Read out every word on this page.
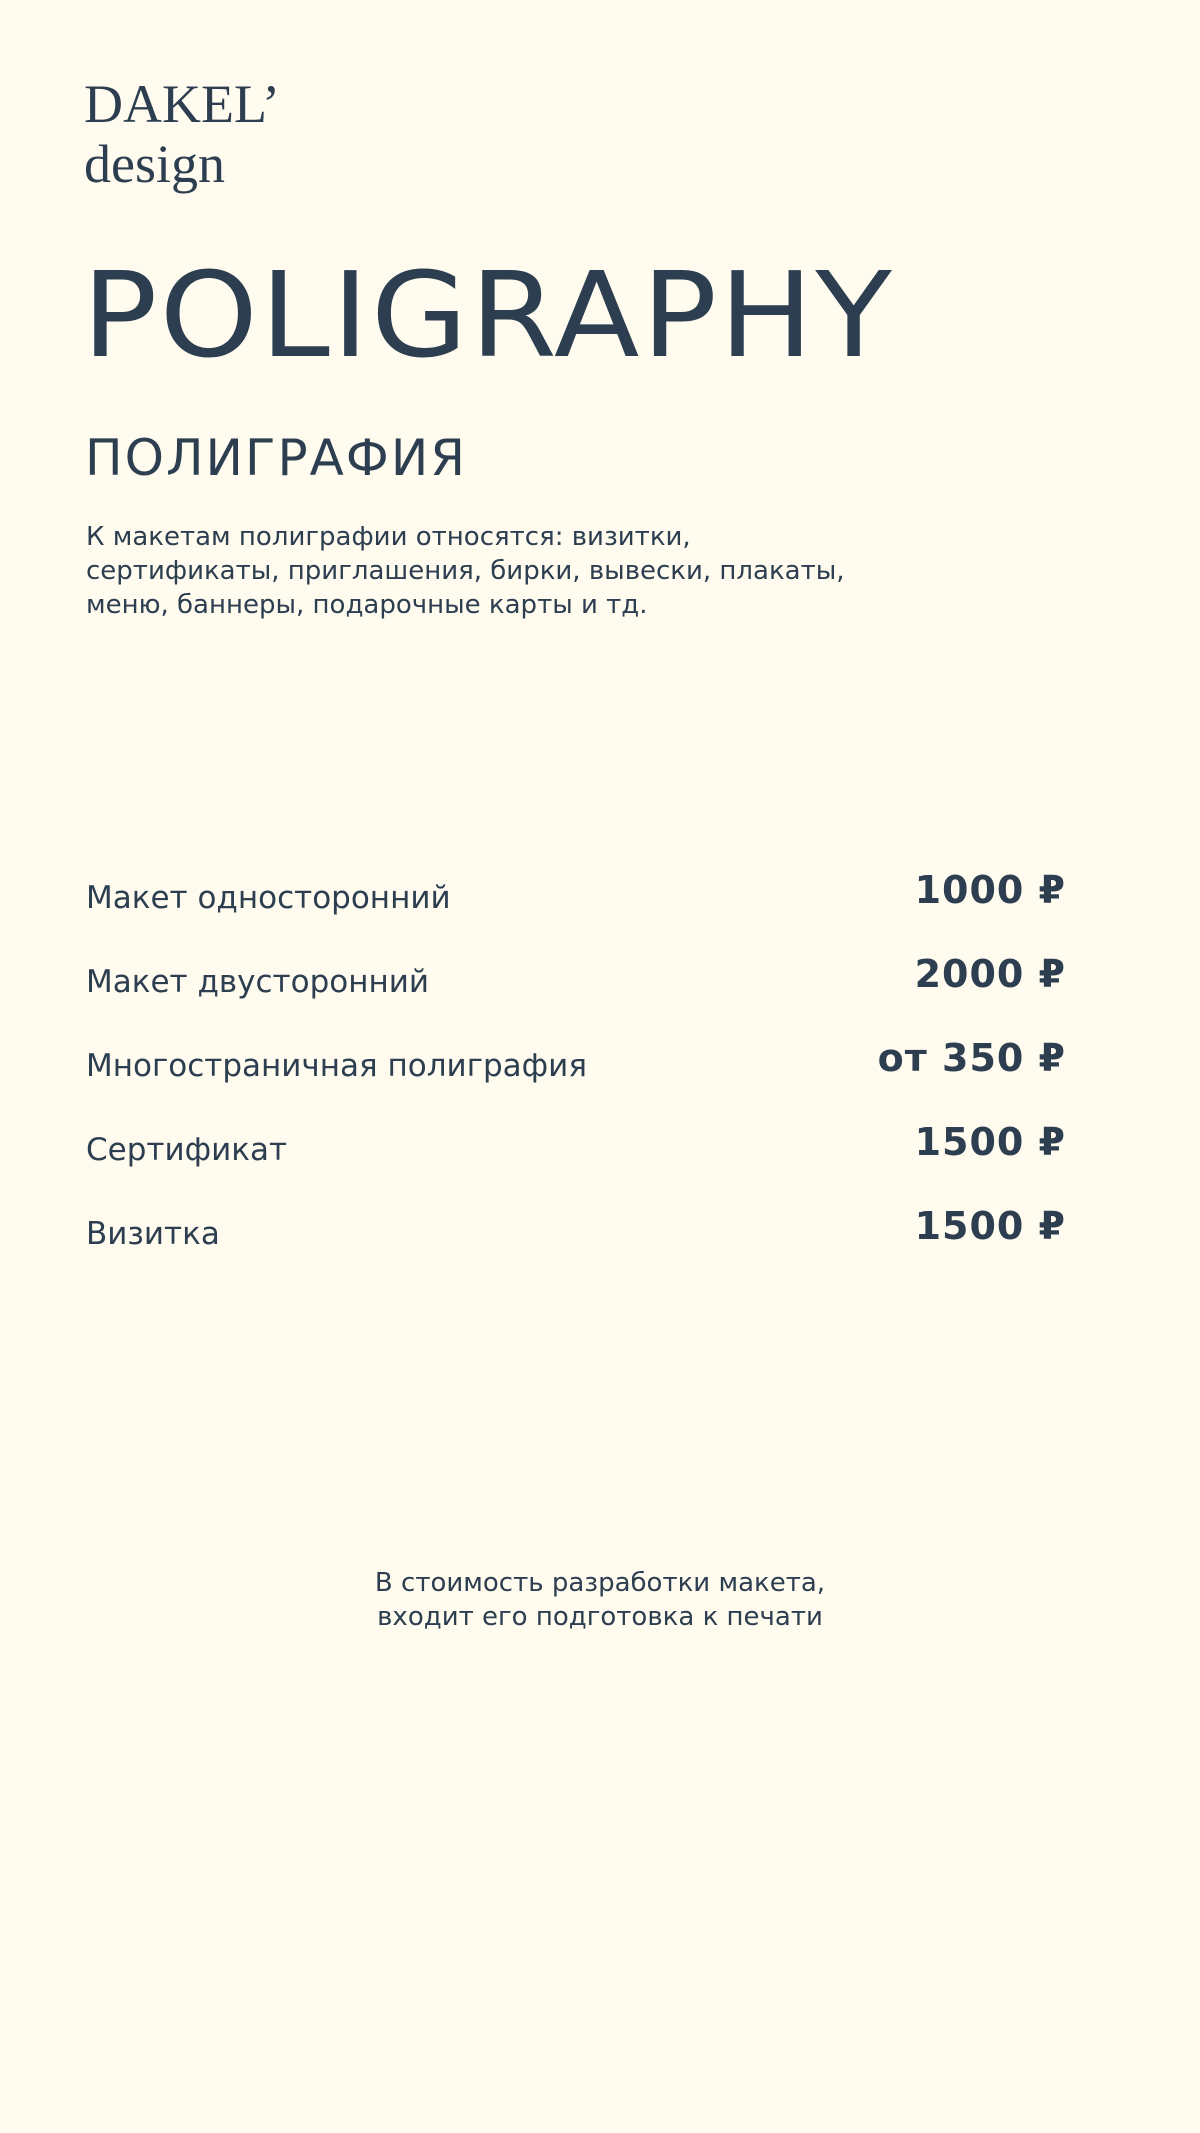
DAKEL’
design
POLIGRAPHY
ПОЛИГРАФИЯ

К макетам полиграфии относятся: визитки, сертификаты, приглашения, бирки, вывески, плакаты, меню, баннеры, подарочные карты и тд.

Макет односторонний	1000 ₽
Макет двусторонний	2000 ₽
Многостраничная полиграфия	от 350 ₽
Сертификат	1500 ₽
Визитка	1500 ₽
В стоимость разработки макета,
входит его подготовка к печати
